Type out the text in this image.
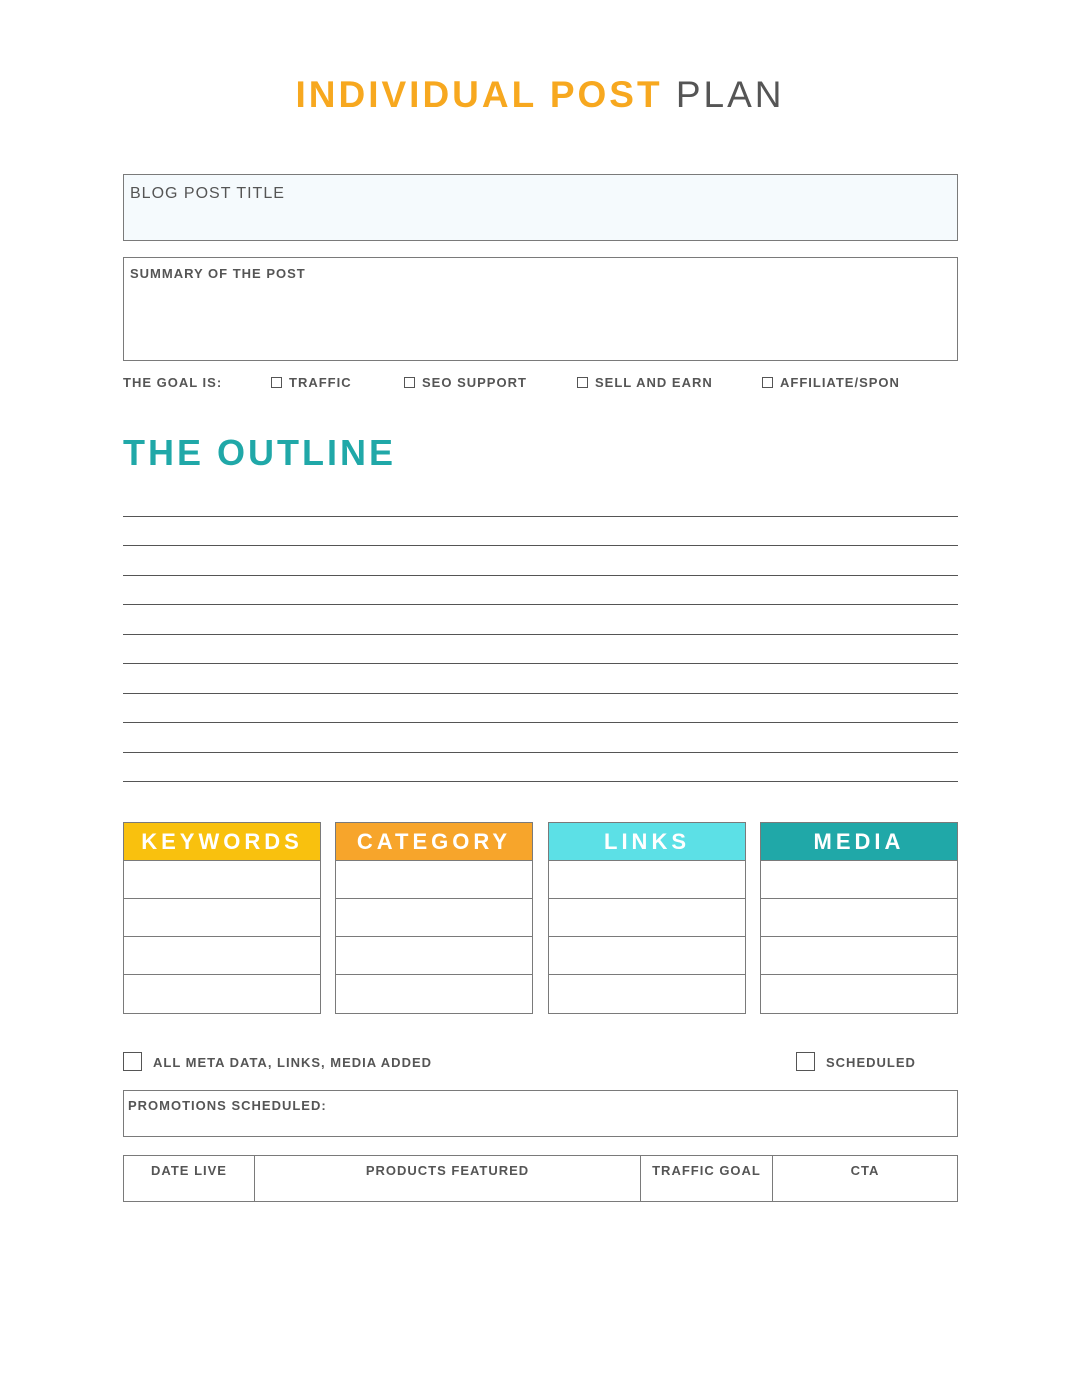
INDIVIDUAL POST PLAN
BLOG POST TITLE
SUMMARY OF THE POST
THE GOAL IS:	TRAFFIC	SEO SUPPORT	SELL AND EARN	AFFILIATE/SPON
THE OUTLINE
KEYWORDS	CATEGORY	LINKS	MEDIA
ALL META DATA, LINKS, MEDIA ADDED	SCHEDULED
PROMOTIONS SCHEDULED:
DATE LIVE	PRODUCTS FEATURED	TRAFFIC GOAL	CTA
